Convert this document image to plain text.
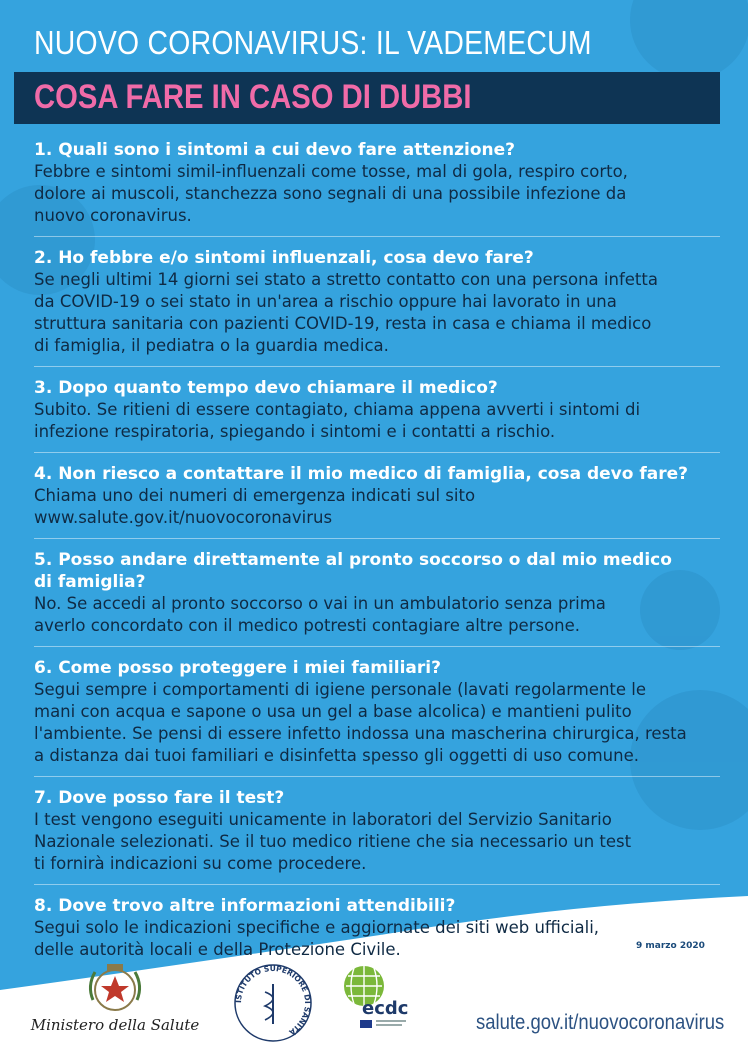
NUOVO CORONAVIRUS: IL VADEMECUM
COSA FARE IN CASO DI DUBBI
1. Quali sono i sintomi a cui devo fare attenzione?
Febbre e sintomi simil-influenzali come tosse, mal di gola, respiro corto,
dolore ai muscoli, stanchezza sono segnali di una possibile infezione da
nuovo coronavirus.
2. Ho febbre e/o sintomi influenzali, cosa devo fare?
Se negli ultimi 14 giorni sei stato a stretto contatto con una persona infetta
da COVID-19 o sei stato in un'area a rischio oppure hai lavorato in una
struttura sanitaria con pazienti COVID-19, resta in casa e chiama il medico
di famiglia, il pediatra o la guardia medica.
3. Dopo quanto tempo devo chiamare il medico?
Subito. Se ritieni di essere contagiato, chiama appena avverti i sintomi di
infezione respiratoria, spiegando i sintomi e i contatti a rischio.
4. Non riesco a contattare il mio medico di famiglia, cosa devo fare?
Chiama uno dei numeri di emergenza indicati sul sito
www.salute.gov.it/nuovocoronavirus
5. Posso andare direttamente al pronto soccorso o dal mio medico
di famiglia?
No. Se accedi al pronto soccorso o vai in un ambulatorio senza prima
averlo concordato con il medico potresti contagiare altre persone.
6. Come posso proteggere i miei familiari?
Segui sempre i comportamenti di igiene personale (lavati regolarmente le
mani con acqua e sapone o usa un gel a base alcolica) e mantieni pulito
l'ambiente. Se pensi di essere infetto indossa una mascherina chirurgica, resta
a distanza dai tuoi familiari e disinfetta spesso gli oggetti di uso comune.
7. Dove posso fare il test?
I test vengono eseguiti unicamente in laboratori del Servizio Sanitario
Nazionale selezionati. Se il tuo medico ritiene che sia necessario un test
ti fornirà indicazioni su come procedere.
8. Dove trovo altre informazioni attendibili?
Segui solo le indicazioni specifiche e aggiornate dei siti web ufficiali,
delle autorità locali e della Protezione Civile.	9 marzo 2020
Ministero della Salute
ISTITUTO SUPERIORE DI SANITÀ
ecdc
salute.gov.it/nuovocoronavirus
